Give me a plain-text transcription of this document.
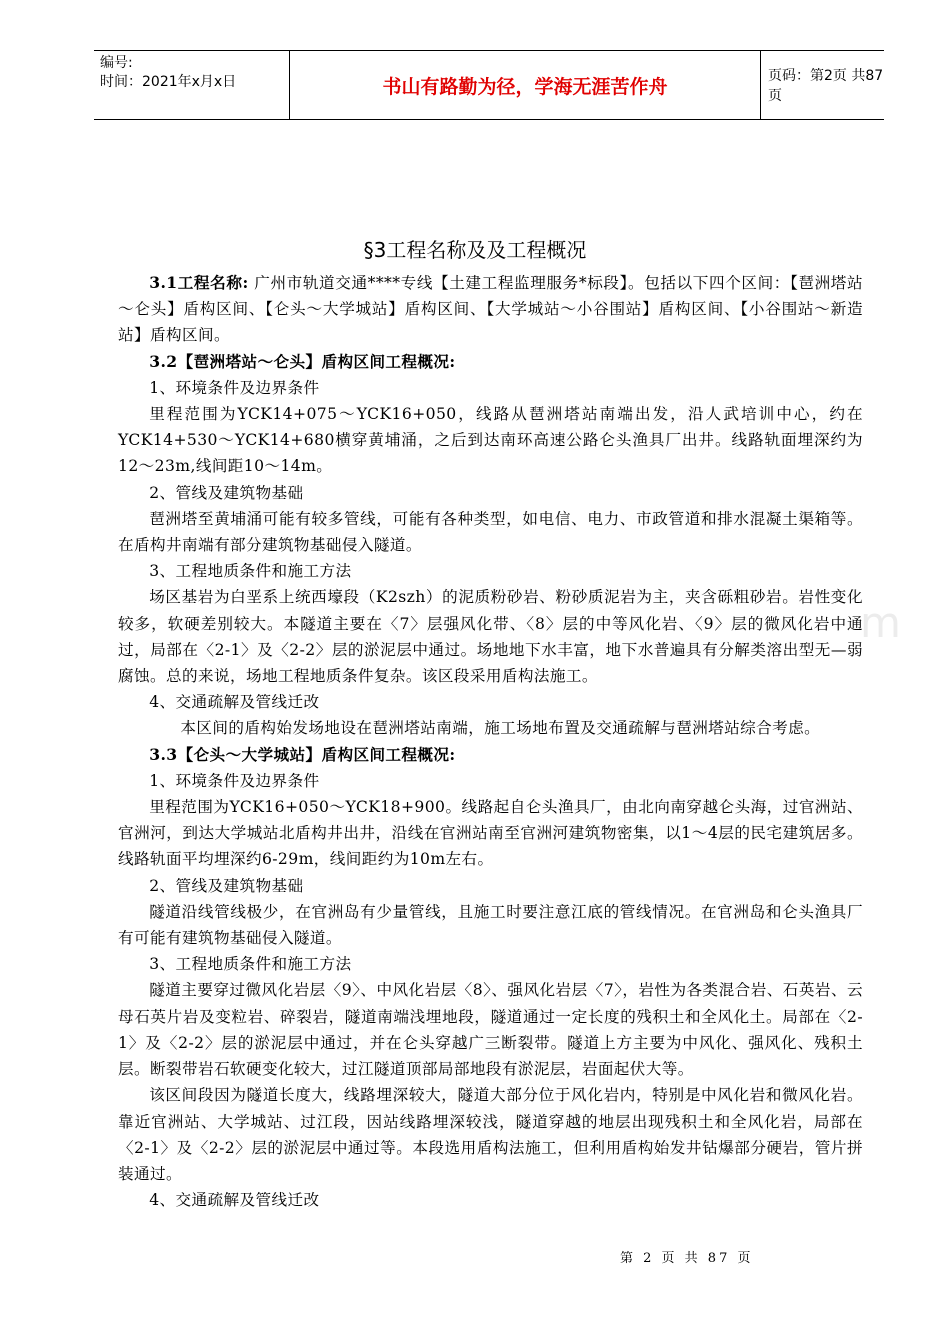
编号:
时间：2021年x月x日	书山有路勤为径，学海无涯苦作舟	页码：第2页 共87页
§3工程名称及及工程概况

3.1工程名称: 广州市轨道交通****专线【土建工程监理服务*标段】。包括以下四个区间：【琶洲塔站～仑头】盾构区间、【仑头～大学城站】盾构区间、【大学城站～小谷围站】盾构区间、【小谷围站～新造站】盾构区间。

3.2【琶洲塔站～仑头】盾构区间工程概况:

1、环境条件及边界条件

里程范围为YCK14+075～YCK16+050，线路从琶洲塔站南端出发，沿人武培训中心，约在YCK14+530～YCK14+680横穿黄埔涌，之后到达南环高速公路仑头渔具厂出井。线路轨面埋深约为12～23m,线间距10～14m。

2、管线及建筑物基础

琶洲塔至黄埔涌可能有较多管线，可能有各种类型，如电信、电力、市政管道和排水混凝土渠箱等。在盾构井南端有部分建筑物基础侵入隧道。

3、工程地质条件和施工方法

场区基岩为白垩系上统西壕段（K2szh）的泥质粉砂岩、粉砂质泥岩为主，夹含砾粗砂岩。岩性变化较多，软硬差别较大。本隧道主要在〈7〉层强风化带、〈8〉层的中等风化岩、〈9〉层的微风化岩中通过，局部在〈2-1〉及〈2-2〉层的淤泥层中通过。场地地下水丰富，地下水普遍具有分解类溶出型无—弱腐蚀。总的来说，场地工程地质条件复杂。该区段采用盾构法施工。

4、交通疏解及管线迁改

本区间的盾构始发场地设在琶洲塔站南端，施工场地布置及交通疏解与琶洲塔站综合考虑。

3.3【仑头～大学城站】盾构区间工程概况:

1、环境条件及边界条件

里程范围为YCK16+050～YCK18+900。线路起自仑头渔具厂，由北向南穿越仑头海，过官洲站、官洲河，到达大学城站北盾构井出井，沿线在官洲站南至官洲河建筑物密集，以1～4层的民宅建筑居多。线路轨面平均埋深约6-29m，线间距约为10m左右。

2、管线及建筑物基础

隧道沿线管线极少，在官洲岛有少量管线，且施工时要注意江底的管线情况。在官洲岛和仑头渔具厂有可能有建筑物基础侵入隧道。

3、工程地质条件和施工方法

隧道主要穿过微风化岩层〈9〉、中风化岩层〈8〉、强风化岩层〈7〉，岩性为各类混合岩、石英岩、云母石英片岩及变粒岩、碎裂岩，隧道南端浅埋地段，隧道通过一定长度的残积土和全风化土。局部在〈2-1〉及〈2-2〉层的淤泥层中通过，并在仑头穿越广三断裂带。隧道上方主要为中风化、强风化、残积土层。断裂带岩石软硬变化较大，过江隧道顶部局部地段有淤泥层，岩面起伏大等。

该区间段因为隧道长度大，线路埋深较大，隧道大部分位于风化岩内，特别是中风化岩和微风化岩。靠近官洲站、大学城站、过江段，因站线路埋深较浅，隧道穿越的地层出现残积土和全风化岩，局部在〈2-1〉及〈2-2〉层的淤泥层中通过等。本段选用盾构法施工，但利用盾构始发井钻爆部分硬岩，管片拼装通过。

4、交通疏解及管线迁改

m
第 2 页 共 87 页
